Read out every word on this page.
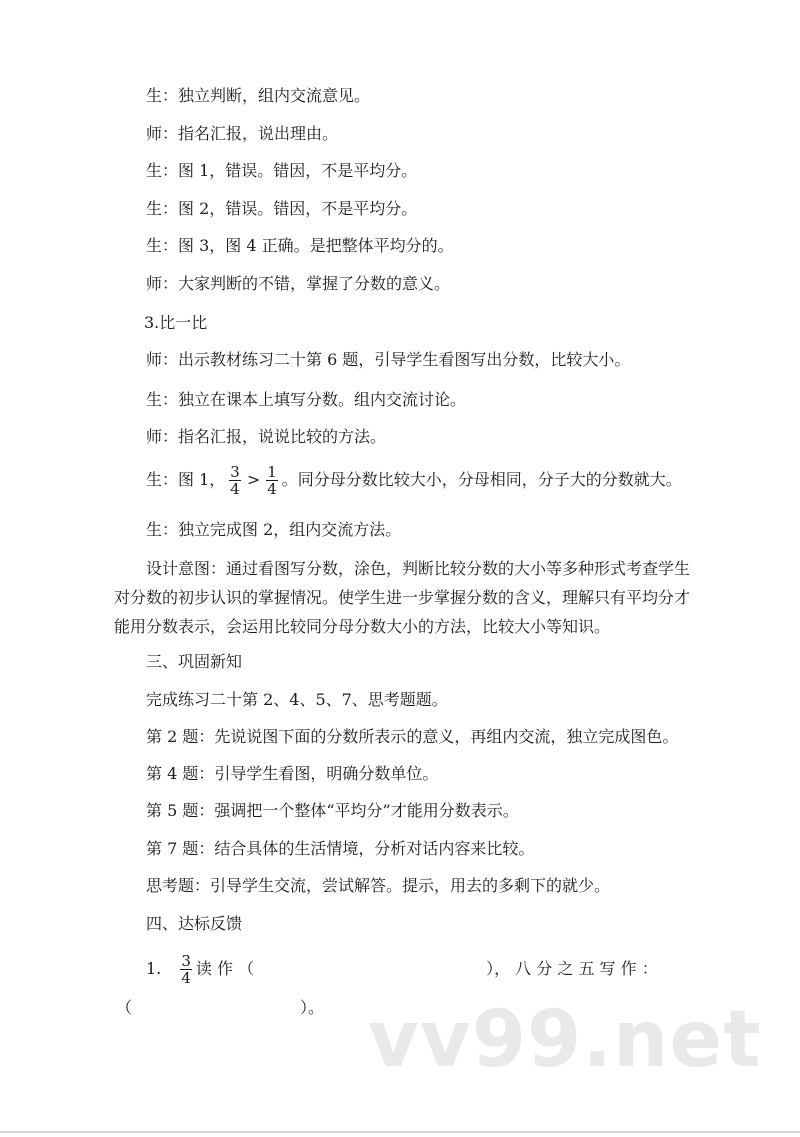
生：独立判断，组内交流意见。
师：指名汇报，说出理由。
生：图 1，错误。错因，不是平均分。
生：图 2，错误。错因，不是平均分。
生：图 3，图 4 正确。是把整体平均分的。
师：大家判断的不错，掌握了分数的意义。
3.比一比
师：出示教材练习二十第 6 题，引导学生看图写出分数，比较大小。
生：独立在课本上填写分数。组内交流讨论。
师：指名汇报，说说比较的方法。
生：图 1， $\frac{3}{4} > \frac{1}{4}$ 。同分母分数比较大小，分母相同，分子大的分数就大。
生：独立完成图 2，组内交流方法。
设计意图：通过看图写分数，涂色，判断比较分数的大小等多种形式考查学生对分数的初步认识的掌握情况。使学生进一步掌握分数的含义，理解只有平均分才能用分数表示，会运用比较同分母分数大小的方法，比较大小等知识。
三、巩固新知
完成练习二十第 2、4、5、7、思考题题。
第 2 题：先说说图下面的分数所表示的意义，再组内交流，独立完成图色。
第 4 题：引导学生看图，明确分数单位。
第 5 题：强调把一个整体“平均分”才能用分数表示。
第 7 题：结合具体的生活情境，分析对话内容来比较。
思考题：引导学生交流，尝试解答。提示，用去的多剩下的就少。
四、达标反馈
1. $\frac{3}{4}$ 读 作 （	）， 八 分 之 五 写 作 ：
（	）。 vv99.net
